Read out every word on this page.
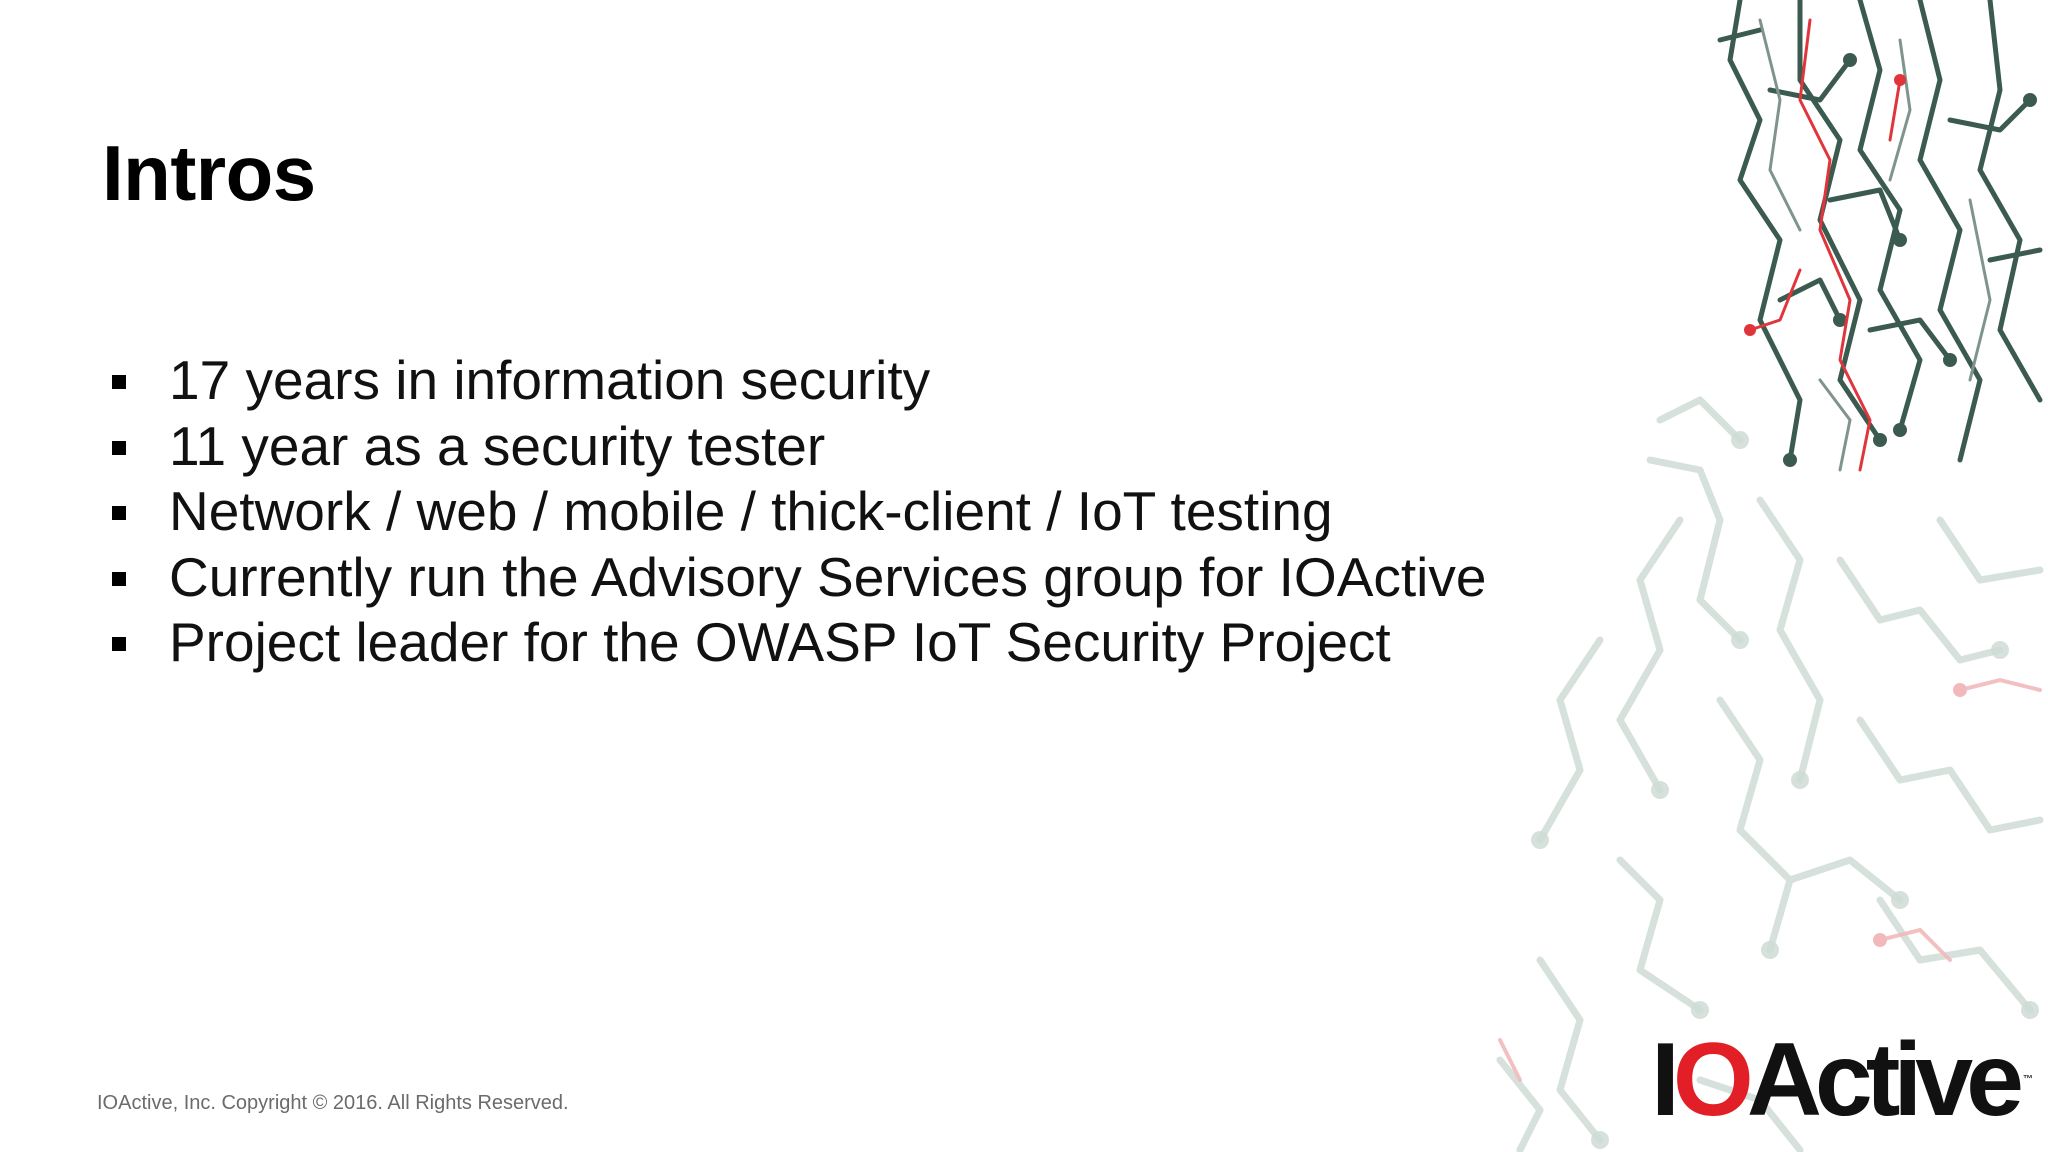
Intros
17 years in information security
11 year as a security tester
Network / web / mobile / thick-client / IoT testing
Currently run the Advisory Services group for IOActive
Project leader for the OWASP IoT Security Project
IOActive, Inc. Copyright © 2016. All Rights Reserved.	IOActive ™
